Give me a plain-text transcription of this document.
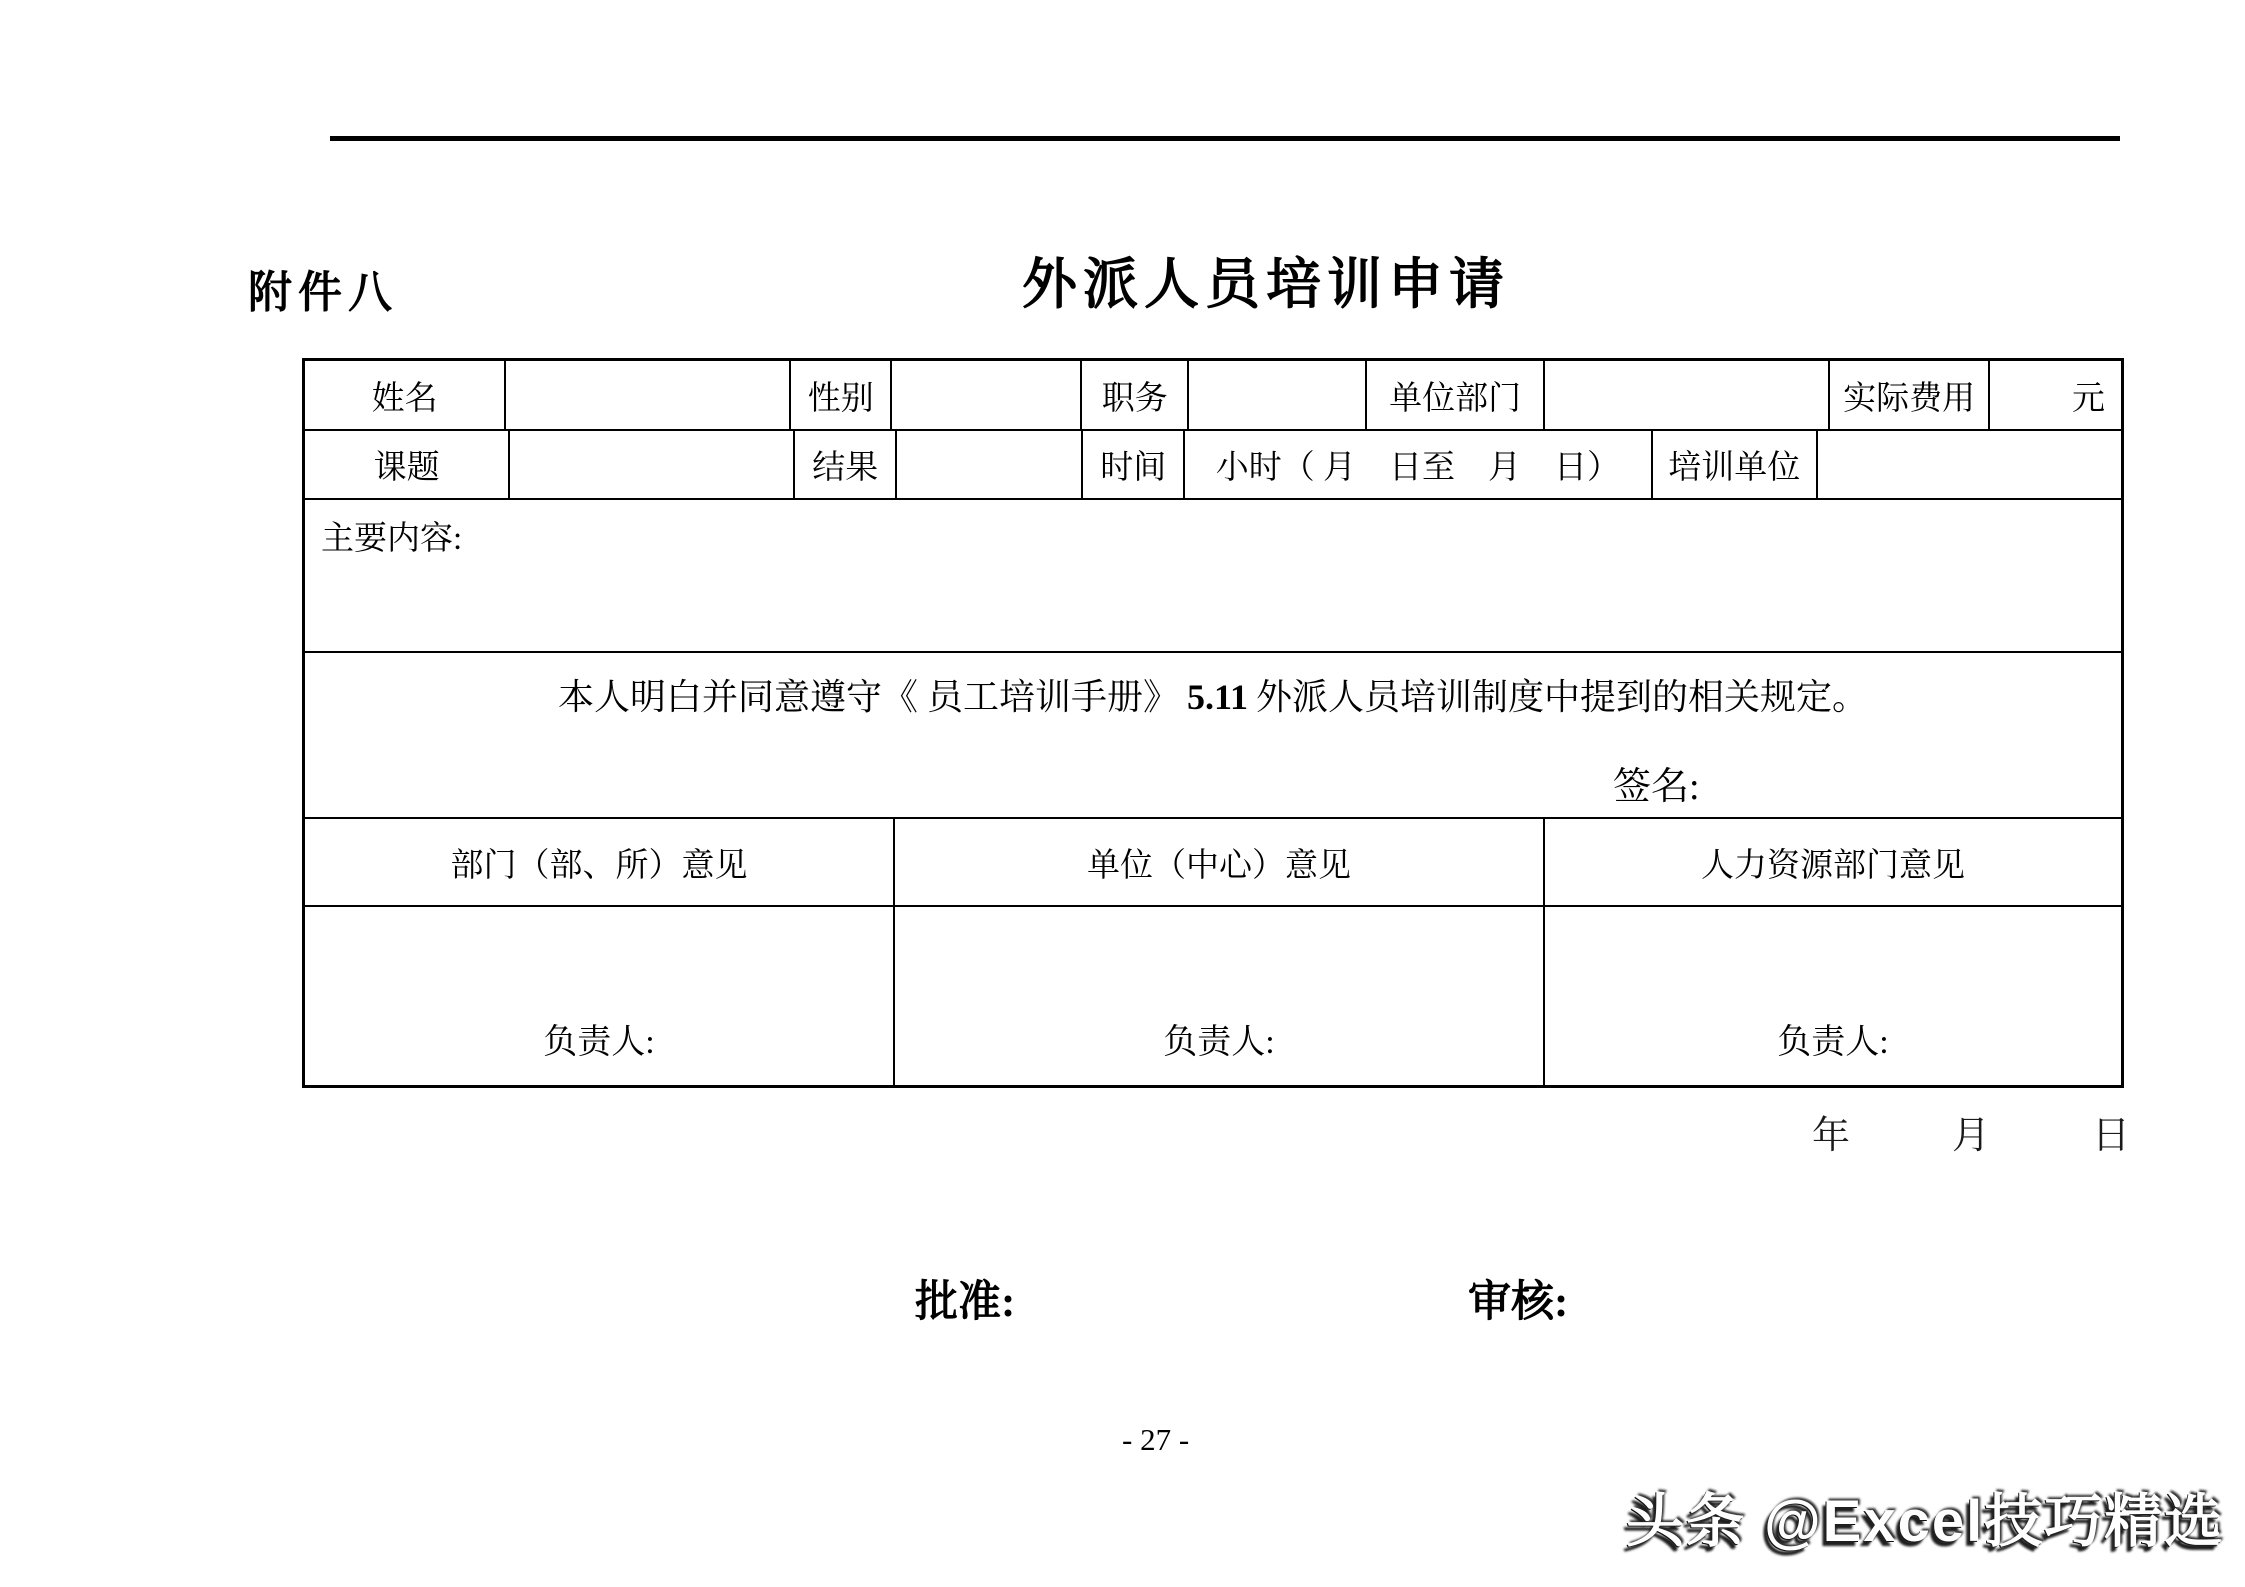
附件八	外派人员培训申请
姓名	性别	职务	单位部门	实际费用	元
课题	结果	时间	小时（ 月　日至　月　日）	培训单位
主要内容:
本人明白并同意遵守《 员工培训手册》 5.11 外派人员培训制度中提到的相关规定。
签名:
部门（部、所）意见	单位（中心）意见	人力资源部门意见
负责人:	负责人:	负责人:
年　月　日
批准:	审核:
- 27 -
头条 @Excel技巧精选
